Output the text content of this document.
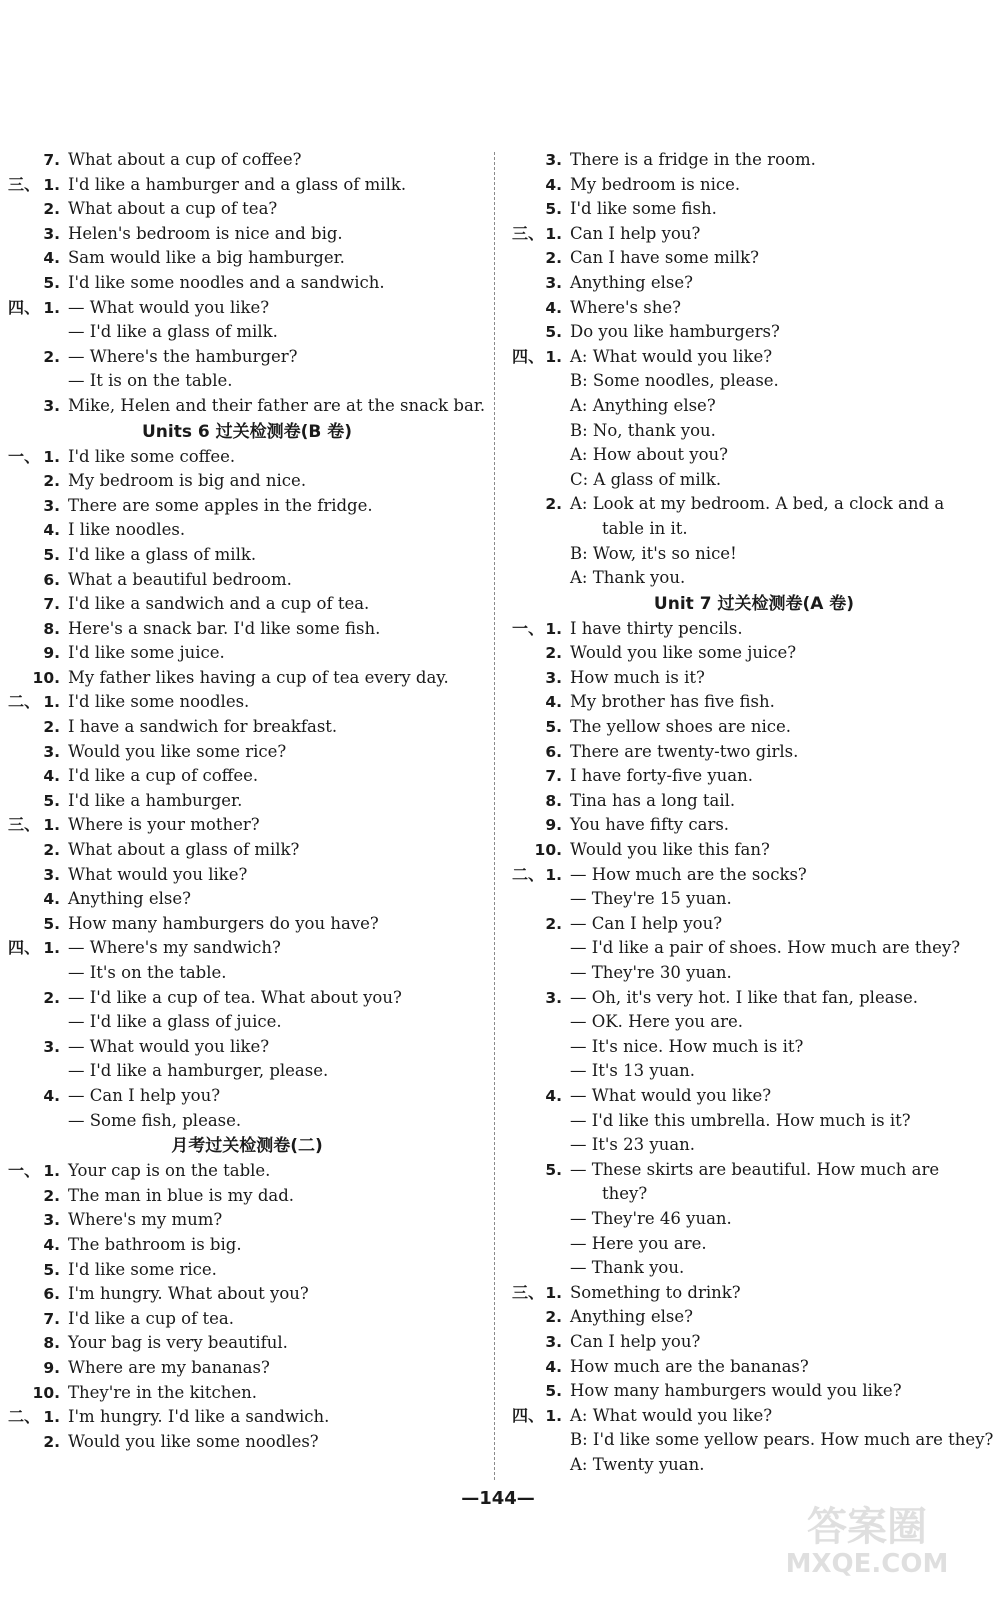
7. What about a cup of coffee?
三、 1. I'd like a hamburger and a glass of milk.
2. What about a cup of tea?
3. Helen's bedroom is nice and big.
4. Sam would like a big hamburger.
5. I'd like some noodles and a sandwich.
四、 1. — What would you like?
— I'd like a glass of milk.
2. — Where's the hamburger?
— It is on the table.
3. Mike, Helen and their father are at the snack bar.
Units 6 过关检测卷(B 卷)
一、 1. I'd like some coffee.
2. My bedroom is big and nice.
3. There are some apples in the fridge.
4. I like noodles.
5. I'd like a glass of milk.
6. What a beautiful bedroom.
7. I'd like a sandwich and a cup of tea.
8. Here's a snack bar. I'd like some fish.
9. I'd like some juice.
10. My father likes having a cup of tea every day.
二、 1. I'd like some noodles.
2. I have a sandwich for breakfast.
3. Would you like some rice?
4. I'd like a cup of coffee.
5. I'd like a hamburger.
三、 1. Where is your mother?
2. What about a glass of milk?
3. What would you like?
4. Anything else?
5. How many hamburgers do you have?
四、 1. — Where's my sandwich?
— It's on the table.
2. — I'd like a cup of tea. What about you?
— I'd like a glass of juice.
3. — What would you like?
— I'd like a hamburger, please.
4. — Can I help you?
— Some fish, please.
月考过关检测卷(二)
一、 1. Your cap is on the table.
2. The man in blue is my dad.
3. Where's my mum?
4. The bathroom is big.
5. I'd like some rice.
6. I'm hungry. What about you?
7. I'd like a cup of tea.
8. Your bag is very beautiful.
9. Where are my bananas?
10. They're in the kitchen.
二、 1. I'm hungry. I'd like a sandwich.
2. Would you like some noodles?
3. There is a fridge in the room.
4. My bedroom is nice.
5. I'd like some fish.
三、 1. Can I help you?
2. Can I have some milk?
3. Anything else?
4. Where's she?
5. Do you like hamburgers?
四、 1. A: What would you like?
B: Some noodles, please.
A: Anything else?
B: No, thank you.
A: How about you?
C: A glass of milk.
2. A: Look at my bedroom. A bed, a clock and a
table in it.
B: Wow, it's so nice!
A: Thank you.
Unit 7 过关检测卷(A 卷)
一、 1. I have thirty pencils.
2. Would you like some juice?
3. How much is it?
4. My brother has five fish.
5. The yellow shoes are nice.
6. There are twenty-two girls.
7. I have forty-five yuan.
8. Tina has a long tail.
9. You have fifty cars.
10. Would you like this fan?
二、 1. — How much are the socks?
— They're 15 yuan.
2. — Can I help you?
— I'd like a pair of shoes. How much are they?
— They're 30 yuan.
3. — Oh, it's very hot. I like that fan, please.
— OK. Here you are.
— It's nice. How much is it?
— It's 13 yuan.
4. — What would you like?
— I'd like this umbrella. How much is it?
— It's 23 yuan.
5. — These skirts are beautiful. How much are
they?
— They're 46 yuan.
— Here you are.
— Thank you.
三、 1. Something to drink?
2. Anything else?
3. Can I help you?
4. How much are the bananas?
5. How many hamburgers would you like?
四、 1. A: What would you like?
B: I'd like some yellow pears. How much are they?
A: Twenty yuan.
—144—
答案圈
MXQE.COM
